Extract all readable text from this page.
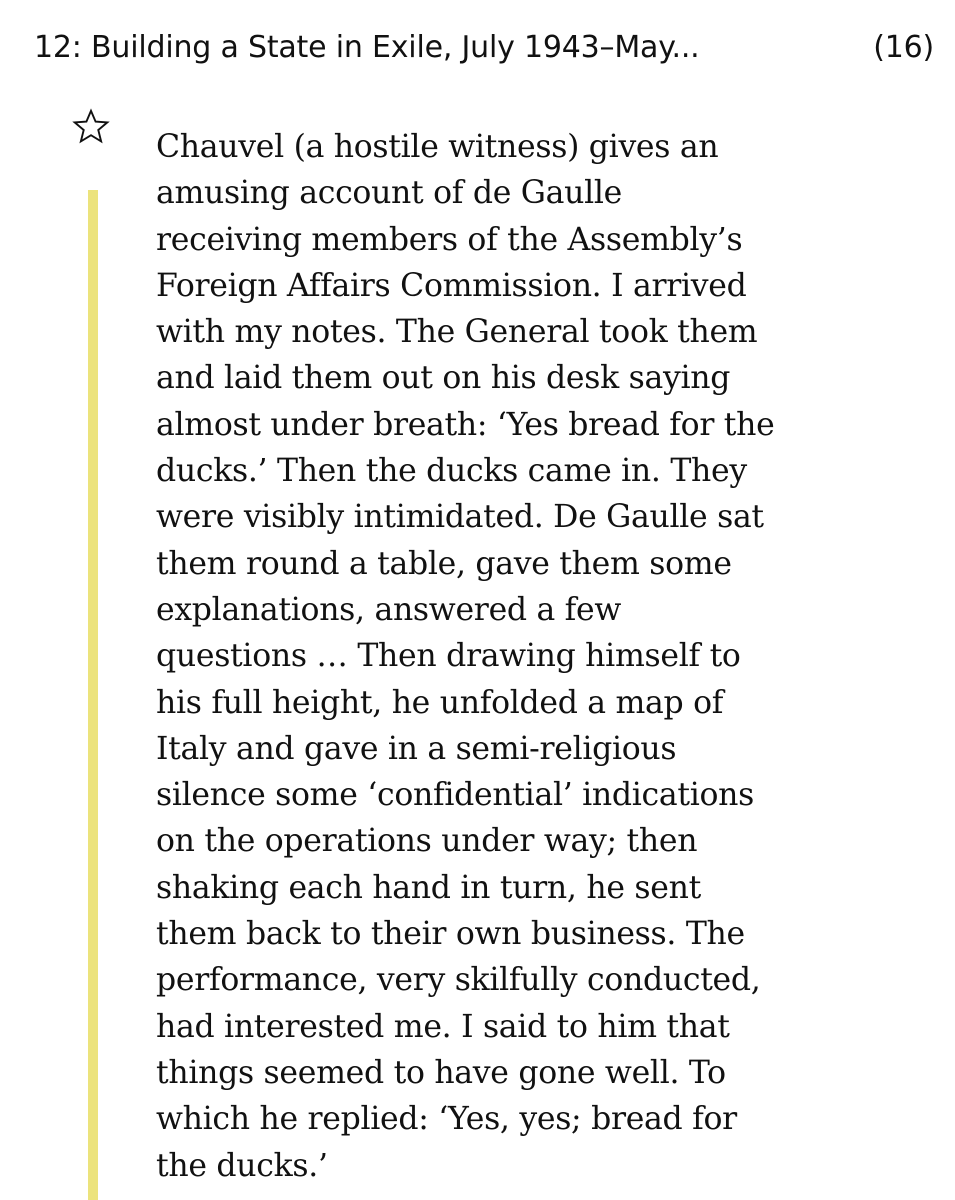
12: Building a State in Exile, July 1943–May...	(16)

Chauvel (a hostile witness) gives an
amusing account of de Gaulle
receiving members of the Assembly’s
Foreign Affairs Commission. I arrived
with my notes. The General took them
and laid them out on his desk saying
almost under breath: ‘Yes bread for the
ducks.’ Then the ducks came in. They
were visibly intimidated. De Gaulle sat
them round a table, gave them some
explanations, answered a few
questions … Then drawing himself to
his full height, he unfolded a map of
Italy and gave in a semi-religious
silence some ‘confidential’ indications
on the operations under way; then
shaking each hand in turn, he sent
them back to their own business. The
performance, very skilfully conducted,
had interested me. I said to him that
things seemed to have gone well. To
which he replied: ‘Yes, yes; bread for
the ducks.’
